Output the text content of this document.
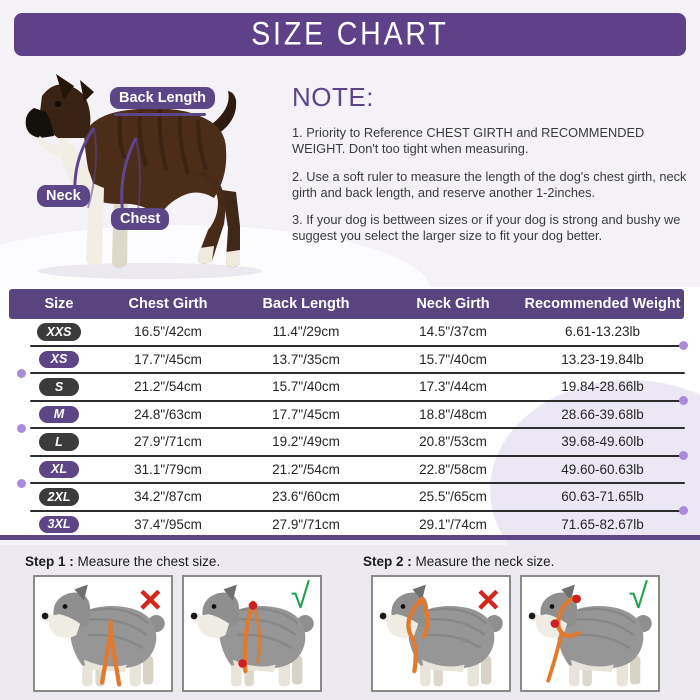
SIZE CHART
Back Length
Neck
Chest
NOTE:

1. Priority to Reference CHEST GIRTH and RECOMMENDED WEIGHT. Don't too tight when measuring.

2. Use a soft ruler to measure the length of the dog's chest girth, neck girth and back length, and reserve another 1-2inches.

3. If your dog is bettween sizes or if your dog is strong and bushy we suggest you select the larger size to fit your dog better.

Size	Chest Girth	Back Length	Neck Girth	Recommended Weight
XXS	16.5"/42cm	11.4"/29cm	14.5"/37cm	6.61-13.23lb
XS	17.7"/45cm	13.7"/35cm	15.7"/40cm	13.23-19.84lb
S	21.2"/54cm	15.7"/40cm	17.3"/44cm	19.84-28.66lb
M	24.8"/63cm	17.7"/45cm	18.8"/48cm	28.66-39.68lb
L	27.9"/71cm	19.2"/49cm	20.8"/53cm	39.68-49.60lb
XL	31.1"/79cm	21.2"/54cm	22.8"/58cm	49.60-60.63lb
2XL	34.2"/87cm	23.6"/60cm	25.5"/65cm	60.63-71.65lb
3XL	37.4"/95cm	27.9"/71cm	29.1"/74cm	71.65-82.67lb
Step 1 : Measure the chest size.
×	√
Step 2 : Measure the neck size.
×	√
